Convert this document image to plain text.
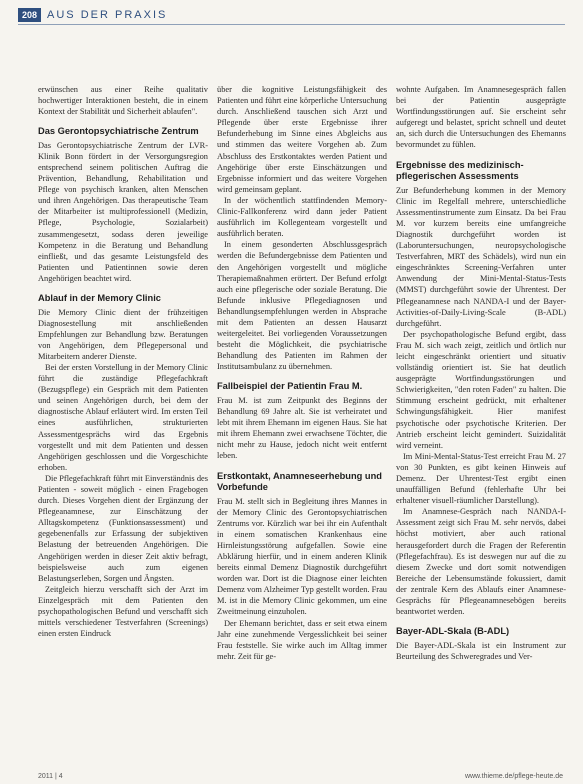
208 AUS DER PRAXIS

erwünschen aus einer Reihe qualitativ hochwertiger Interaktionen besteht, die in einem Kontext der Stabilität und Sicherheit ablaufen".

Das Gerontopsychiatrische Zentrum

Das Gerontopsychiatrische Zentrum der LVR-Klinik Bonn fördert in der Versorgungsregion entsprechend seinem politischen Auftrag die Prävention, Behandlung, Rehabilitation und Pflege von psychisch kranken, alten Menschen und ihren Angehörigen. Das therapeutische Team der Mitarbeiter ist multiprofessionell (Medizin, Pflege, Psychologie, Sozialarbeit) zusammengesetzt, sodass deren jeweilige Kompetenz in die Beratung und Behandlung einfließt, und das gesamte Leistungsfeld des Patienten und Patientinnen sowie deren Angehörigen beachtet wird.

Ablauf in der Memory Clinic

Die Memory Clinic dient der frühzeitigen Diagnosestellung mit anschließenden Empfehlungen zur Behandlung bzw. Beratungen von Angehörigen, dem Pflegepersonal und Mitarbeitern anderer Dienste.

Bei der ersten Vorstellung in der Memory Clinic führt die zuständige Pflegefachkraft (Bezugspflege) ein Gespräch mit dem Patienten und seinen Angehörigen durch, bei dem der diagnostische Ablauf erläutert wird. Im ersten Teil eines ausführlichen, strukturierten Assessmentgesprächs wird das Ergebnis vorgestellt und mit dem Patienten und dessen Angehörigen geschlossen und die Vorgeschichte erhoben.

Die Pflegefachkraft führt mit Einverständnis des Patienten - soweit möglich - einen Fragebogen durch. Dieses Vorgehen dient der Ergänzung der Pflegeanamnese, zur Einschätzung der Alltagskompetenz (Funktionsassessment) und gegebenenfalls zur Erfassung der subjektiven Belastung der betreuenden Angehörigen. Die Angehörigen werden in dieser Zeit aktiv befragt, beispielsweise auch zum eigenen Belastungserleben, Sorgen und Ängsten.

Zeitgleich hierzu verschafft sich der Arzt im Einzelgespräch mit dem Patienten den psychopathologischen Befund und verschafft sich mittels verschiedener Testverfahren (Screenings) einen ersten Eindruck

über die kognitive Leistungsfähigkeit des Patienten und führt eine körperliche Untersuchung durch. Anschließend tauschen sich Arzt und Pflegende über erste Ergebnisse ihrer Befunderhebung im Sinne eines Abgleichs aus und stimmen das weitere Vorgehen ab. Zum Abschluss des Erstkontaktes werden Patient und Angehörige über erste Einschätzungen und Ergebnisse informiert und das weitere Vorgehen wird gemeinsam geplant.

In der wöchentlich stattfindenden Memory-Clinic-Fallkonferenz wird dann jeder Patient ausführlich im Kollegenteam vorgestellt und ausführlich beraten.

In einem gesonderten Abschlussgespräch werden die Befundergebnisse dem Patienten und den Angehörigen vorgestellt und mögliche Therapiemaßnahmen erörtert. Der Befund erfolgt auch eine pflegerische oder soziale Beratung. Die Befunde inklusive Pflegediagnosen und Behandlungsempfehlungen werden in Absprache mit dem Patienten an dessen Hausarzt weitergeleitet. Bei vorliegenden Voraussetzungen besteht die Möglichkeit, die psychiatrische Behandlung des Patienten im Rahmen der Institutsambulanz zu übernehmen.

Fallbeispiel der Patientin Frau M.

Frau M. ist zum Zeitpunkt des Beginns der Behandlung 69 Jahre alt. Sie ist verheiratet und lebt mit ihrem Ehemann im eigenen Haus. Sie hat mit ihrem Ehemann zwei erwachsene Töchter, die nicht mehr zu Hause, jedoch nicht weit entfernt leben.

Erstkontakt, Anamneseerhebung und Vorbefunde

Frau M. stellt sich in Begleitung ihres Mannes in der Memory Clinic des Gerontopsychiatrischen Zentrums vor. Kürzlich war bei ihr ein Aufenthalt in einem somatischen Krankenhaus eine Hirnleistungsstörung aufgefallen. Sowie eine Abklärung hierfür, und in einem anderen Klinik bereits einmal Demenz Diagnostik durchgeführt worden war. Dort ist die Diagnose einer leichten Demenz vom Alzheimer Typ gestellt worden. Frau M. ist in die Memory Clinic gekommen, um eine Zweitmeinung einzuholen.

Der Ehemann berichtet, dass er seit etwa einem Jahr eine zunehmende Vergesslichkeit bei seiner Frau feststelle. Sie wirke auch im Alltag immer mehr. Zeit für ge-

wohnte Aufgaben. Im Anamnesegespräch fallen bei der Patientin ausgeprägte Wortfindungsstörungen auf. Sie erscheint sehr aufgeregt und belastet, spricht schnell und deutet an, sich durch die Untersuchungen des Ehemanns bevormundet zu fühlen.

Ergebnisse des medizinisch-pflegerischen Assessments

Zur Befunderhebung kommen in der Memory Clinic im Regelfall mehrere, unterschiedliche Assessmentinstrumente zum Einsatz. Da bei Frau M. vor kurzem bereits eine umfangreiche Diagnostik durchgeführt worden ist (Laboruntersuchungen, neuropsychologische Testverfahren, MRT des Schädels), wird nun ein eingeschränktes Screening-Verfahren unter Anwendung der Mini-Mental-Status-Tests (MMST) durchgeführt sowie der Uhrentest. Der Pflegeanamnese nach NANDA-I und der Bayer-Activities-of-Daily-Living-Scale (B-ADL) durchgeführt.

Der psychopathologische Befund ergibt, dass Frau M. sich wach zeigt, zeitlich und örtlich nur leicht eingeschränkt orientiert und situativ vollständig orientiert ist. Sie hat deutlich ausgeprägte Wortfindungsstörungen und Schwierigkeiten, "den roten Faden" zu halten. Die Stimmung erscheint gedrückt, mit erhaltener Schwingungsfähigkeit. Hier manifest psychotische oder psychotische Kriterien. Der Antrieb erscheint leicht gemindert. Suizidalität wird verneint.

Im Mini-Mental-Status-Test erreicht Frau M. 27 von 30 Punkten, es gibt keinen Hinweis auf Demenz. Der Uhrentest-Test ergibt einen unauffälligen Befund (fehlerhafte Uhr bei erhaltener visuell-räumlicher Darstellung).

Im Anamnese-Gespräch nach NANDA-I-Assessment zeigt sich Frau M. sehr nervös, dabei höchst motiviert, aber auch rational herausgefordert durch die Fragen der Referentin (Pflegefachfrau). Es ist deswegen nur auf die zu diesem Zwecke und dort somit notwendigen Bereiche der Lebensumstände fokussiert, damit der zentrale Kern des Ablaufs einer Anamnese-Gesprächs für Pflegeanamnesebögen bereits beantwortet werden.

Bayer-ADL-Skala (B-ADL)

Die Bayer-ADL-Skala ist ein Instrument zur Beurteilung des Schweregrades und Ver-

2011 | 4	www.thieme.de/pflege-heute.de
